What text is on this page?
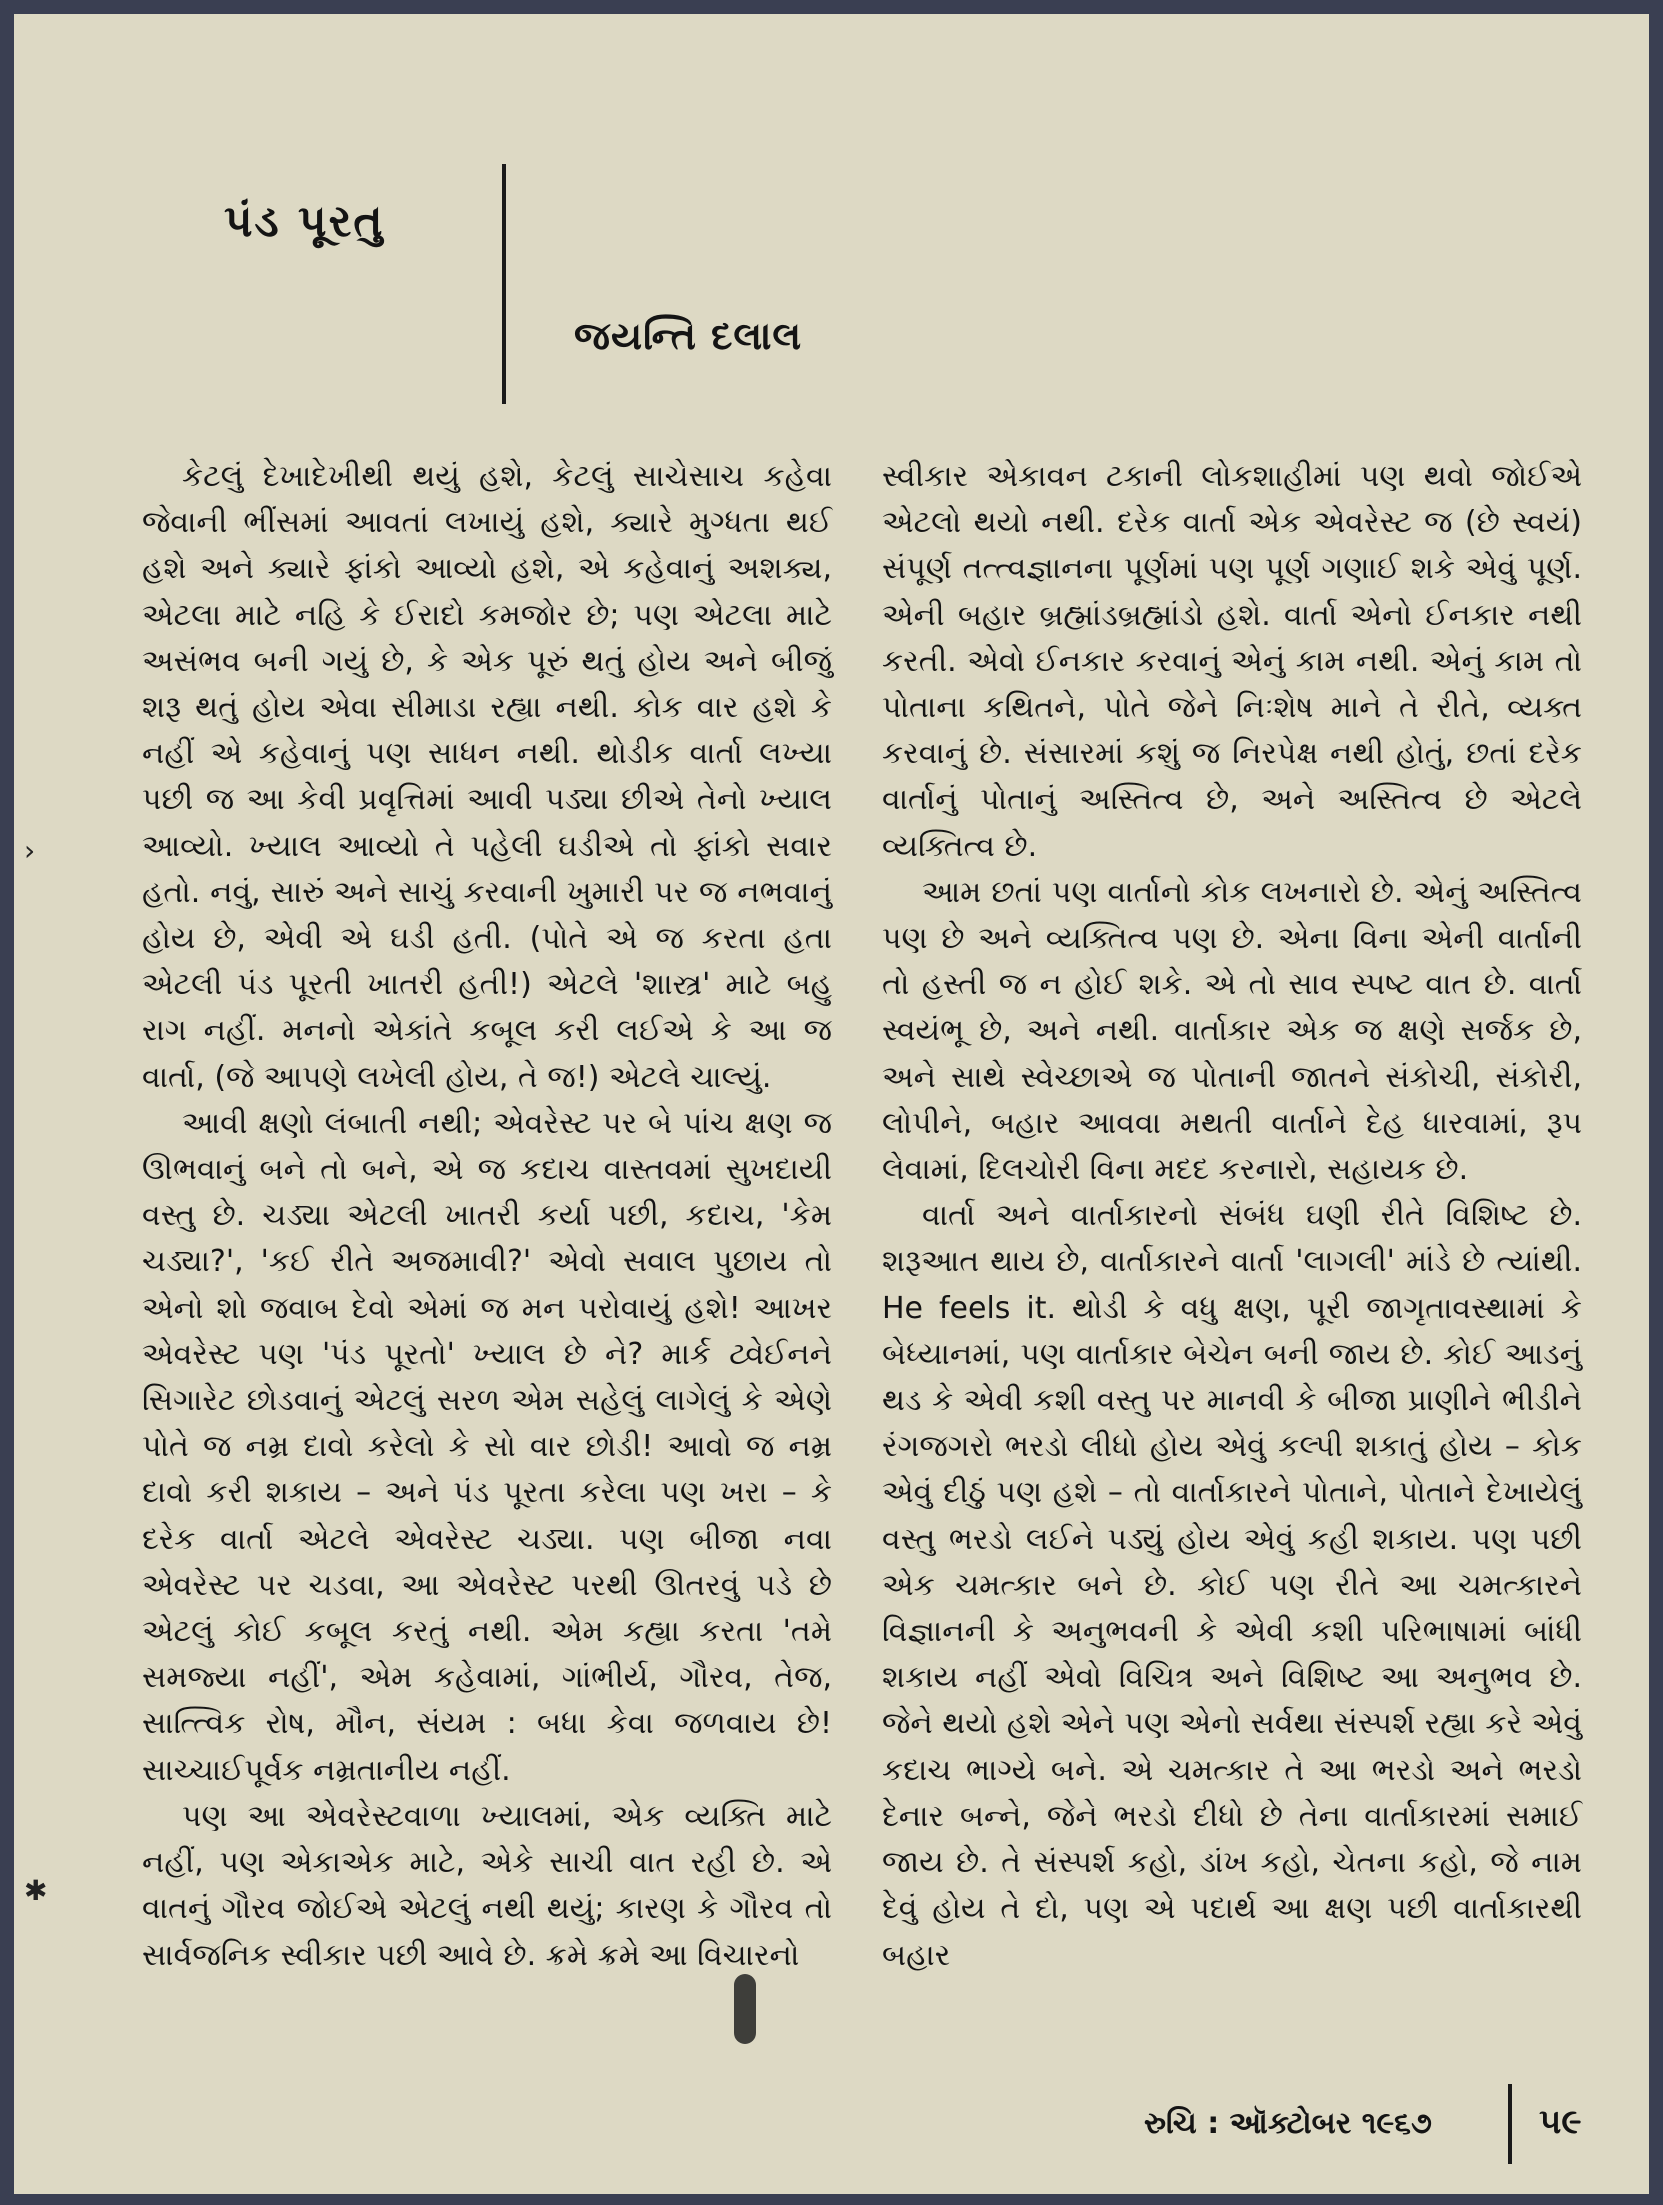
પંડ પૂરતુ
જયન્તિ દલાલ

કેટલું દેખાદેખીથી થયું હશે, કેટલું સાચેસાચ કહેવા જેવાની ભીંસમાં આવતાં લખાયું હશે, ક્યારે મુગ્ધતા થઈ હશે અને ક્યારે ફાંકો આવ્યો હશે, એ કહેવાનું અશક્ય, એટલા માટે નહિ કે ઈરાદો કમજોર છે; પણ એટલા માટે અસંભવ બની ગયું છે, કે એક પૂરું થતું હોય અને બીજું શરૂ થતું હોય એવા સીમાડા રહ્યા નથી. કોક વાર હશે કે નહીં એ કહેવાનું પણ સાધન નથી. થોડીક વાર્તા લખ્યા પછી જ આ કેવી પ્રવૃત્તિમાં આવી પડ્યા છીએ તેનો ખ્યાલ આવ્યો. ખ્યાલ આવ્યો તે પહેલી ઘડીએ તો ફાંકો સવાર હતો. નવું, સારું અને સાચું કરવાની ખુમારી પર જ નભવાનું હોય છે, એવી એ ઘડી હતી. (પોતે એ જ કરતા હતા એટલી પંડ પૂરતી ખાતરી હતી!) એટલે 'શાસ્ત્ર' માટે બહુ રાગ નહીં. મનનો એકાંતે કબૂલ કરી લઈએ કે આ જ વાર્તા, (જે આપણે લખેલી હોય, તે જ!) એટલે ચાલ્યું.

આવી ક્ષણો લંબાતી નથી; એવરેસ્ટ પર બે પાંચ ક્ષણ જ ઊભવાનું બને તો બને, એ જ કદાચ વાસ્તવમાં સુખદાયી વસ્તુ છે. ચડ્યા એટલી ખાતરી કર્યા પછી, કદાચ, 'કેમ ચડ્યા?', 'કઈ રીતે અજમાવી?' એવો સવાલ પુછાય તો એનો શો જવાબ દેવો એમાં જ મન પરોવાયું હશે! આખર એવરેસ્ટ પણ 'પંડ પૂરતો' ખ્યાલ છે ને? માર્ક ટ્વેઈનને સિગારેટ છોડવાનું એટલું સરળ એમ સહેલું લાગેલું કે એણે પોતે જ નમ્ર દાવો કરેલો કે સો વાર છોડી! આવો જ નમ્ર દાવો કરી શકાય – અને પંડ પૂરતા કરેલા પણ ખરા – કે દરેક વાર્તા એટલે એવરેસ્ટ ચડ્યા. પણ બીજા નવા એવરેસ્ટ પર ચડવા, આ એવરેસ્ટ પરથી ઊતરવું પડે છે એટલું કોઈ કબૂલ કરતું નથી. એમ કહ્યા કરતા 'તમે સમજ્યા નહીં', એમ કહેવામાં, ગાંભીર્ય, ગૌરવ, તેજ, સાત્ત્વિક રોષ, મૌન, સંયમ : બધા કેવા જળવાય છે! સાચ્ચાઈપૂર્વક નમ્રતાનીય નહીં.

પણ આ એવરેસ્ટવાળા ખ્યાલમાં, એક વ્યક્તિ માટે નહીં, પણ એકાએક માટે, એકે સાચી વાત રહી છે. એ વાતનું ગૌરવ જોઈએ એટલું નથી થયું; કારણ કે ગૌરવ તો સાર્વજનિક સ્વીકાર પછી આવે છે. ક્રમે ક્રમે આ વિચારનો

સ્વીકાર એકાવન ટકાની લોકશાહીમાં પણ થવો જોઈએ એટલો થયો નથી. દરેક વાર્તા એક એવરેસ્ટ જ (છે સ્વયં) સંપૂર્ણ તત્ત્વજ્ઞાનના પૂર્ણમાં પણ પૂર્ણ ગણાઈ શકે એવું પૂર્ણ. એની બહાર બ્રહ્માંડબ્રહ્માંડો હશે. વાર્તા એનો ઈનકાર નથી કરતી. એવો ઈનકાર કરવાનું એનું કામ નથી. એનું કામ તો પોતાના કથિતને, પોતે જેને નિઃશેષ માને તે રીતે, વ્યક્ત કરવાનું છે. સંસારમાં કશું જ નિરપેક્ષ નથી હોતું, છતાં દરેક વાર્તાનું પોતાનું અસ્તિત્વ છે, અને અસ્તિત્વ છે એટલે વ્યક્તિત્વ છે.

આમ છતાં પણ વાર્તાનો કોક લખનારો છે. એનું અસ્તિત્વ પણ છે અને વ્યક્તિત્વ પણ છે. એના વિના એની વાર્તાની તો હસ્તી જ ન હોઈ શકે. એ તો સાવ સ્પષ્ટ વાત છે. વાર્તા સ્વયંભૂ છે, અને નથી. વાર્તાકાર એક જ ક્ષણે સર્જક છે, અને સાથે સ્વેચ્છાએ જ પોતાની જાતને સંકોચી, સંકોરી, લોપીને, બહાર આવવા મથતી વાર્તાને દેહ ધારવામાં, રૂપ લેવામાં, દિલચોરી વિના મદદ કરનારો, સહાયક છે.

વાર્તા અને વાર્તાકારનો સંબંધ ઘણી રીતે વિશિષ્ટ છે. શરૂઆત થાય છે, વાર્તાકારને વાર્તા 'લાગલી' માંડે છે ત્યાંથી. He feels it. થોડી કે વધુ ક્ષણ, પૂરી જાગૃતાવસ્થામાં કે બેધ્યાનમાં, પણ વાર્તાકાર બેચેન બની જાય છે. કોઈ આડનું થડ કે એવી કશી વસ્તુ પર માનવી કે બીજા પ્રાણીને ભીડીને રંગજગરો ભરડો લીધો હોય એવું કલ્પી શકાતું હોય – કોક એવું દીઠું પણ હશે – તો વાર્તાકારને પોતાને, પોતાને દેખાયેલું વસ્તુ ભરડો લઈને પડ્યું હોય એવું કહી શકાય. પણ પછી એક ચમત્કાર બને છે. કોઈ પણ રીતે આ ચમત્કારને વિજ્ઞાનની કે અનુભવની કે એવી કશી પરિભાષામાં બાંધી શકાય નહીં એવો વિચિત્ર અને વિશિષ્ટ આ અનુભવ છે. જેને થયો હશે એને પણ એનો સર્વથા સંસ્પર્શ રહ્યા કરે એવું કદાચ ભાગ્યે બને. એ ચમત્કાર તે આ ભરડો અને ભરડો દેનાર બન્ને, જેને ભરડો દીધો છે તેના વાર્તાકારમાં સમાઈ જાય છે. તે સંસ્પર્શ કહો, ડાંખ કહો, ચેતના કહો, જે નામ દેવું હોય તે દો, પણ એ પદાર્થ આ ક્ષણ પછી વાર્તાકારથી બહાર

›
✱
રુચિ : ઑક્ટોબર ૧૯૬૭	૫૯
